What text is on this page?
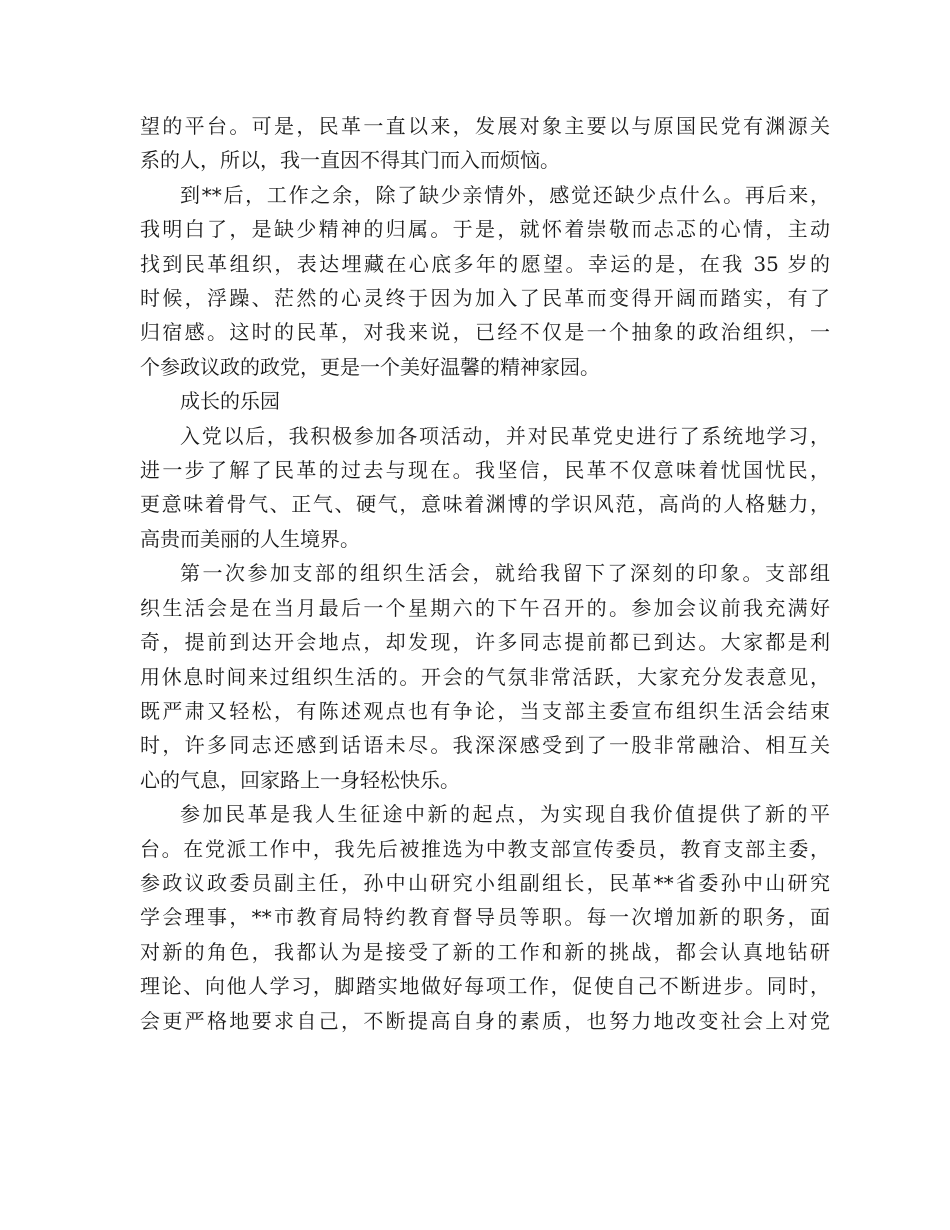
望的平台。可是，民革一直以来，发展对象主要以与原国民党有渊源关
系的人，所以，我一直因不得其门而入而烦恼。

到**后，工作之余，除了缺少亲情外，感觉还缺少点什么。再后来，
我明白了，是缺少精神的归属。于是，就怀着崇敬而忐忑的心情，主动
找到民革组织，表达埋藏在心底多年的愿望。幸运的是，在我 35 岁的
时候，浮躁、茫然的心灵终于因为加入了民革而变得开阔而踏实，有了
归宿感。这时的民革，对我来说，已经不仅是一个抽象的政治组织，一
个参政议政的政党，更是一个美好温馨的精神家园。

成长的乐园

入党以后，我积极参加各项活动，并对民革党史进行了系统地学习，
进一步了解了民革的过去与现在。我坚信，民革不仅意味着忧国忧民，
更意味着骨气、正气、硬气，意味着渊博的学识风范，高尚的人格魅力，
高贵而美丽的人生境界。

第一次参加支部的组织生活会，就给我留下了深刻的印象。支部组
织生活会是在当月最后一个星期六的下午召开的。参加会议前我充满好
奇，提前到达开会地点，却发现，许多同志提前都已到达。大家都是利
用休息时间来过组织生活的。开会的气氛非常活跃，大家充分发表意见，
既严肃又轻松，有陈述观点也有争论，当支部主委宣布组织生活会结束
时，许多同志还感到话语未尽。我深深感受到了一股非常融洽、相互关
心的气息，回家路上一身轻松快乐。

参加民革是我人生征途中新的起点，为实现自我价值提供了新的平
台。在党派工作中，我先后被推选为中教支部宣传委员，教育支部主委，
参政议政委员副主任，孙中山研究小组副组长，民革**省委孙中山研究
学会理事，**市教育局特约教育督导员等职。每一次增加新的职务，面
对新的角色，我都认为是接受了新的工作和新的挑战，都会认真地钻研
理论、向他人学习，脚踏实地做好每项工作，促使自己不断进步。同时，
会更严格地要求自己，不断提高自身的素质，也努力地改变社会上对党
